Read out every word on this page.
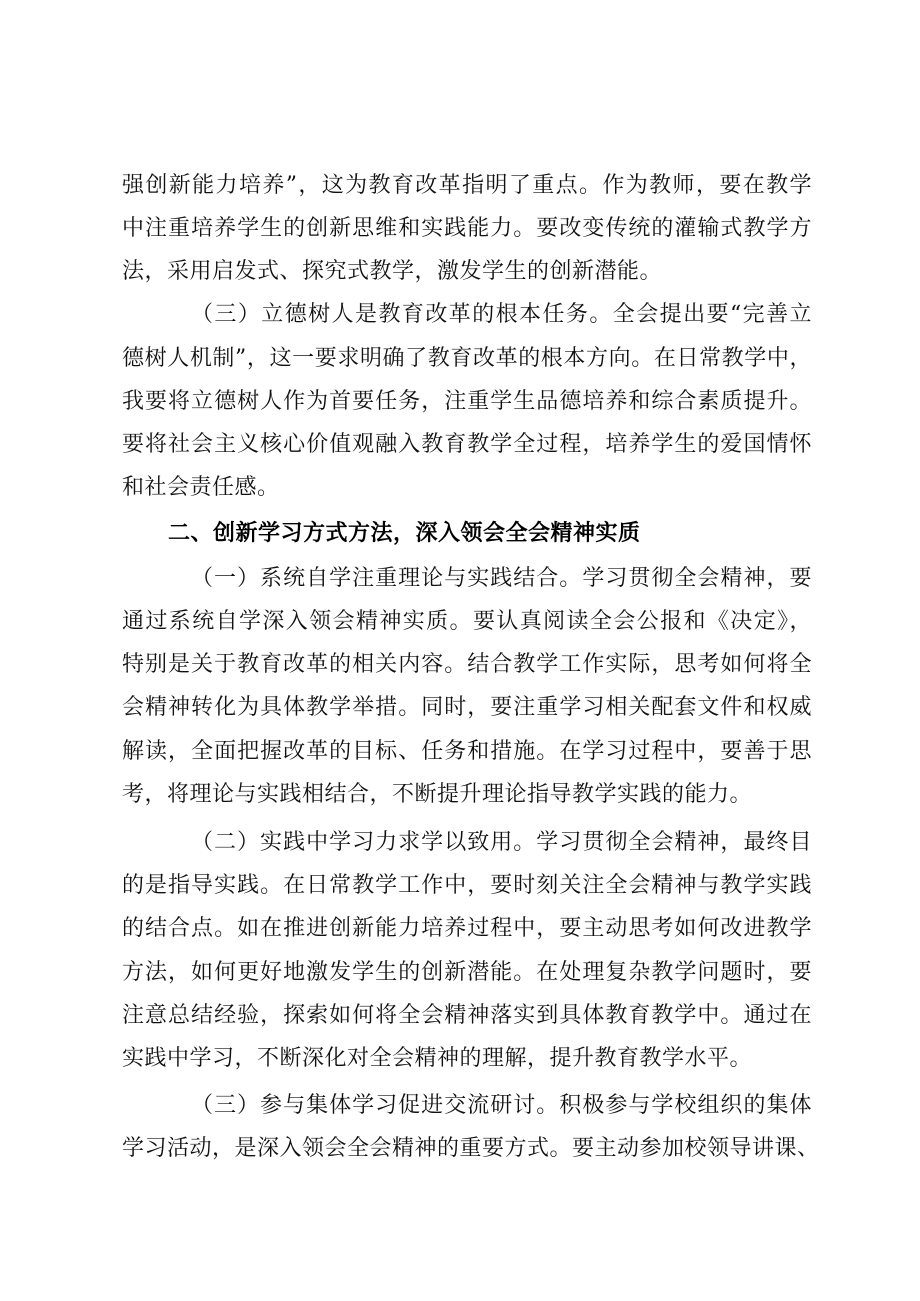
强创新能力培养”，这为教育改革指明了重点。作为教师，要在教学
中注重培养学生的创新思维和实践能力。要改变传统的灌输式教学方
法，采用启发式、探究式教学，激发学生的创新潜能。
（三）立德树人是教育改革的根本任务。全会提出要“完善立
德树人机制”，这一要求明确了教育改革的根本方向。在日常教学中，
我要将立德树人作为首要任务，注重学生品德培养和综合素质提升。
要将社会主义核心价值观融入教育教学全过程，培养学生的爱国情怀
和社会责任感。
二、创新学习方式方法，深入领会全会精神实质
（一）系统自学注重理论与实践结合。学习贯彻全会精神，要
通过系统自学深入领会精神实质。要认真阅读全会公报和《决定》，
特别是关于教育改革的相关内容。结合教学工作实际，思考如何将全
会精神转化为具体教学举措。同时，要注重学习相关配套文件和权威
解读，全面把握改革的目标、任务和措施。在学习过程中，要善于思
考，将理论与实践相结合，不断提升理论指导教学实践的能力。
（二）实践中学习力求学以致用。学习贯彻全会精神，最终目
的是指导实践。在日常教学工作中，要时刻关注全会精神与教学实践
的结合点。如在推进创新能力培养过程中，要主动思考如何改进教学
方法，如何更好地激发学生的创新潜能。在处理复杂教学问题时，要
注意总结经验，探索如何将全会精神落实到具体教育教学中。通过在
实践中学习，不断深化对全会精神的理解，提升教育教学水平。
（三）参与集体学习促进交流研讨。积极参与学校组织的集体
学习活动，是深入领会全会精神的重要方式。要主动参加校领导讲课、
